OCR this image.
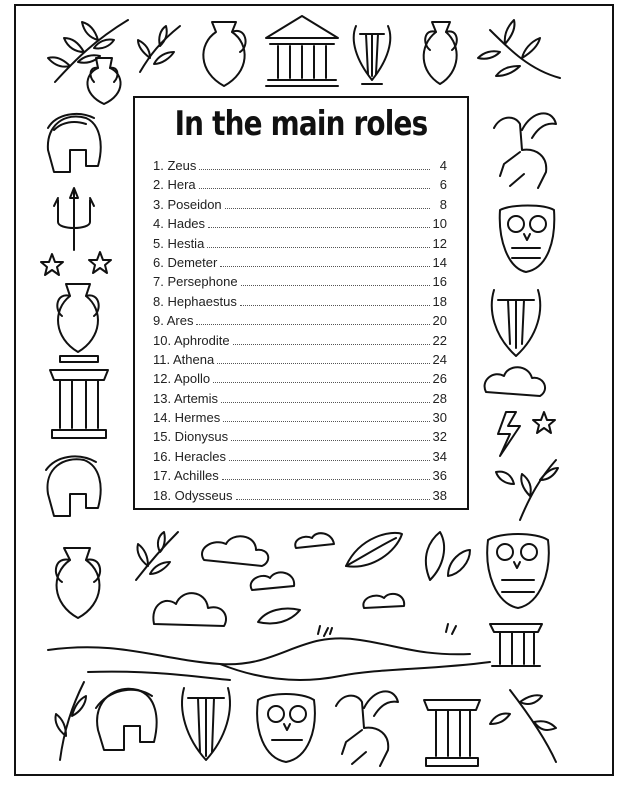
In the main roles
1. Zeus	4
2. Hera	6
3. Poseidon	8
4. Hades	10
5. Hestia	12
6. Demeter	14
7. Persephone	16
8. Hephaestus	18
9. Ares	20
10. Aphrodite	22
11. Athena	24
12. Apollo	26
13. Artemis	28
14. Hermes	30
15. Dionysus	32
16. Heracles	34
17. Achilles	36
18. Odysseus	38
